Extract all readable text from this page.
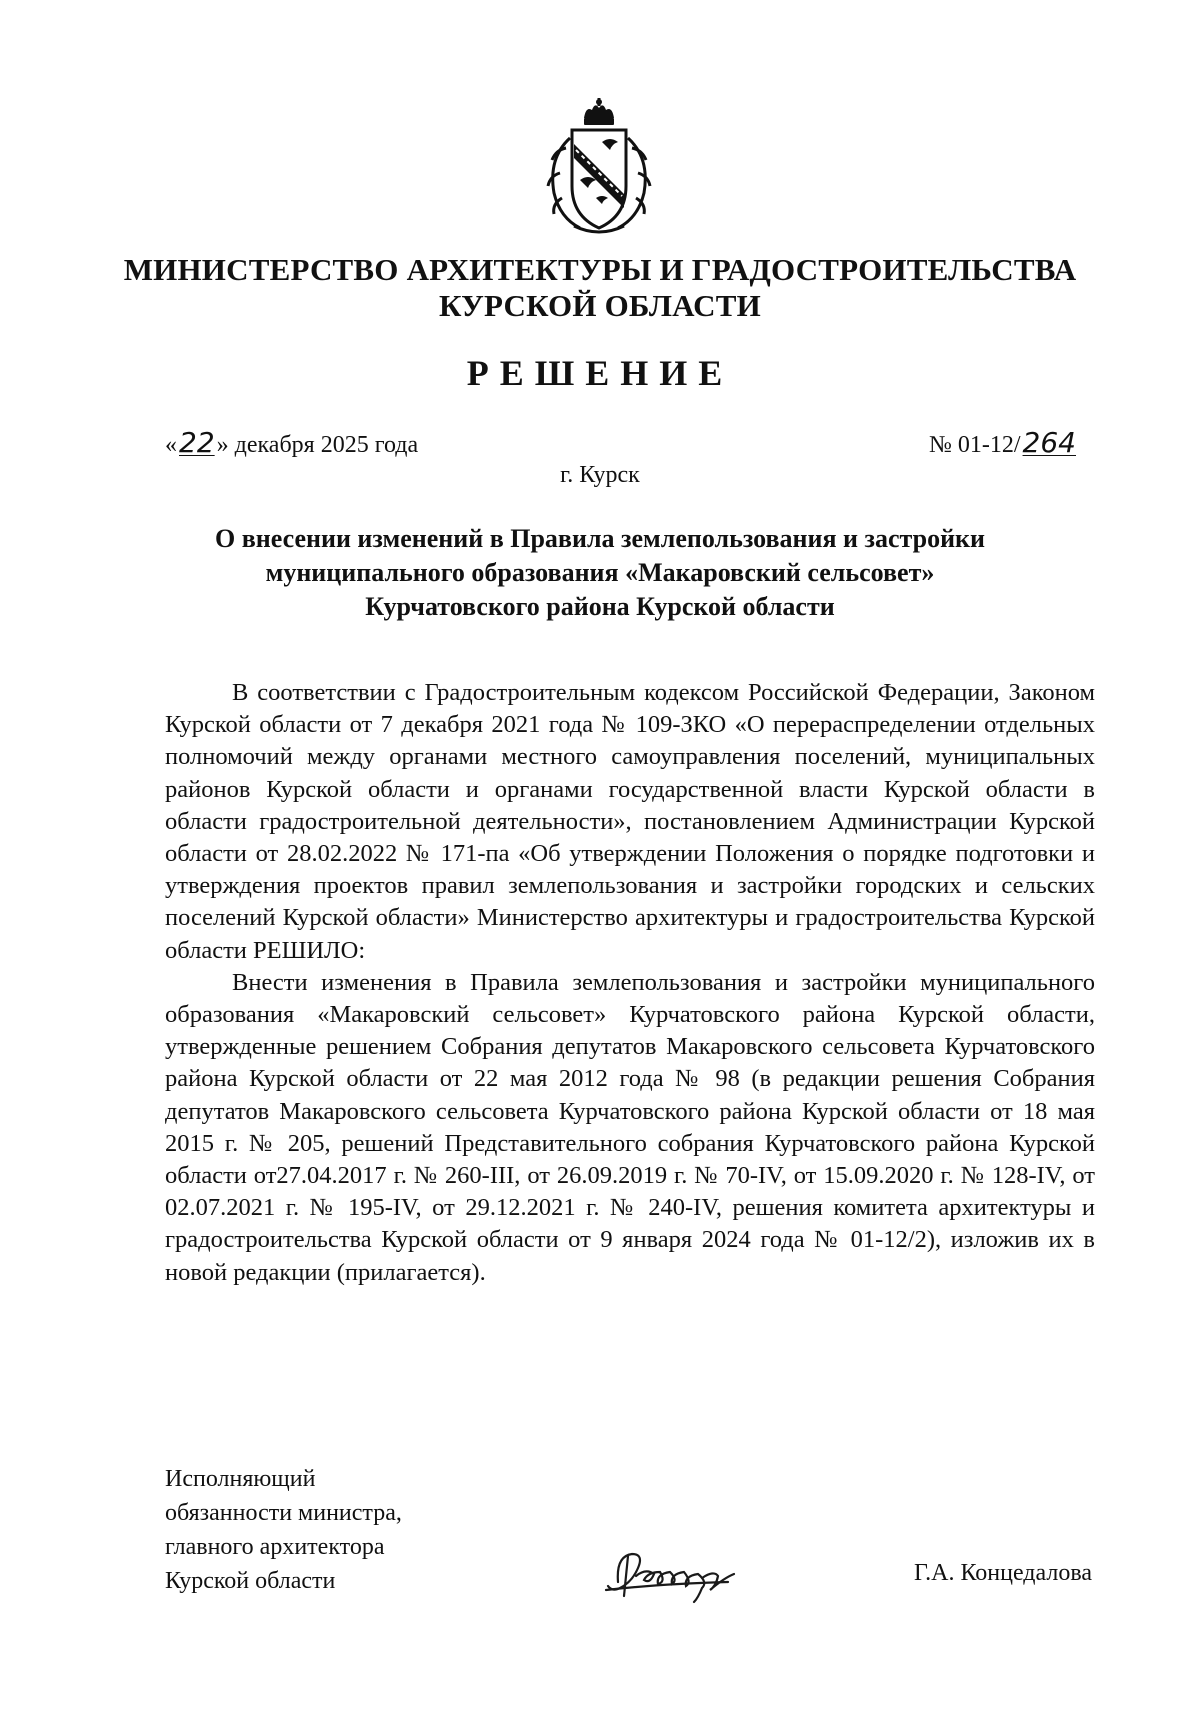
МИНИСТЕРСТВО АРХИТЕКТУРЫ И ГРАДОСТРОИТЕЛЬСТВА
КУРСКОЙ ОБЛАСТИ
РЕШЕНИЕ
«22» декабря 2025 года	№ 01-12/264
г. Курск
О внесении изменений в Правила землепользования и застройки
муниципального образования «Макаровский сельсовет»
Курчатовского района Курской области

В соответствии с Градостроительным кодексом Российской Федерации, Законом Курской области от 7 декабря 2021 года № 109-ЗКО «О перераспределении отдельных полномочий между органами местного самоуправления поселений, муниципальных районов Курской области и органами государственной власти Курской области в области градостроительной деятельности», постановлением Администрации Курской области от 28.02.2022 № 171-па «Об утверждении Положения о порядке подготовки и утверждения проектов правил землепользования и застройки городских и сельских поселений Курской области» Министерство архитектуры и градостроительства Курской области РЕШИЛО:

Внести изменения в Правила землепользования и застройки муниципального образования «Макаровский сельсовет» Курчатовского района Курской области, утвержденные решением Собрания депутатов Макаровского сельсовета Курчатовского района Курской области от 22 мая 2012 года № 98 (в редакции решения Собрания депутатов Макаровского сельсовета Курчатовского района Курской области от 18 мая 2015 г. № 205, решений Представительного собрания Курчатовского района Курской области от27.04.2017 г. № 260-III, от 26.09.2019 г. № 70-IV, от 15.09.2020 г. № 128-IV, от 02.07.2021 г. № 195-IV, от 29.12.2021 г. № 240-IV, решения комитета архитектуры и градостроительства Курской области от 9 января 2024 года № 01-12/2), изложив их в новой редакции (прилагается).

Исполняющий
обязанности министра,
главного архитектора
Курской области	Г.А. Концедалова
